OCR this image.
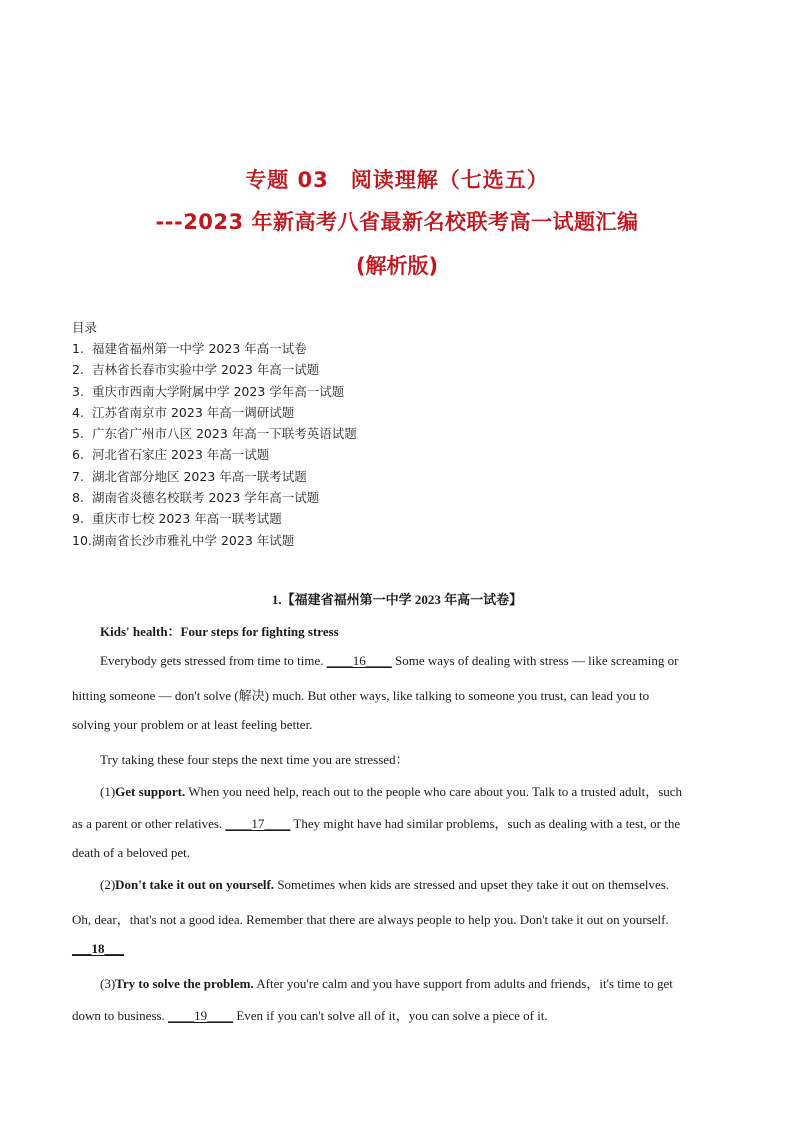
专题 03　阅读理解（七选五）
---2023 年新高考八省最新名校联考高一试题汇编
(解析版)
目录
1. 福建省福州第一中学 2023 年高一试卷
2. 吉林省长春市实验中学 2023 年高一试题
3. 重庆市西南大学附属中学 2023 学年高一试题
4. 江苏省南京市 2023 年高一调研试题
5. 广东省广州市八区 2023 年高一下联考英语试题
6. 河北省石家庄 2023 年高一试题
7. 湖北省部分地区 2023 年高一联考试题
8. 湖南省炎德名校联考 2023 学年高一试题
9. 重庆市七校 2023 年高一联考试题
10.湖南省长沙市雅礼中学 2023 年试题
1.【福建省福州第一中学 2023 年高一试卷】
Kids' health：Four steps for fighting stress
Everybody gets stressed from time to time. ____16____ Some ways of dealing with stress — like screaming or
hitting someone — don't solve (解决) much. But other ways, like talking to someone you trust, can lead you to
solving your problem or at least feeling better.
Try taking these four steps the next time you are stressed：
(1)Get support. When you need help, reach out to the people who care about you. Talk to a trusted adult，such
as a parent or other relatives. ____17____ They might have had similar problems，such as dealing with a test, or the
death of a beloved pet.
(2)Don't take it out on yourself. Sometimes when kids are stressed and upset they take it out on themselves.
Oh, dear，that's not a good idea. Remember that there are always people to help you. Don't take it out on yourself.
___18___
(3)Try to solve the problem. After you're calm and you have support from adults and friends，it's time to get
down to business. ____19____ Even if you can't solve all of it，you can solve a piece of it.
